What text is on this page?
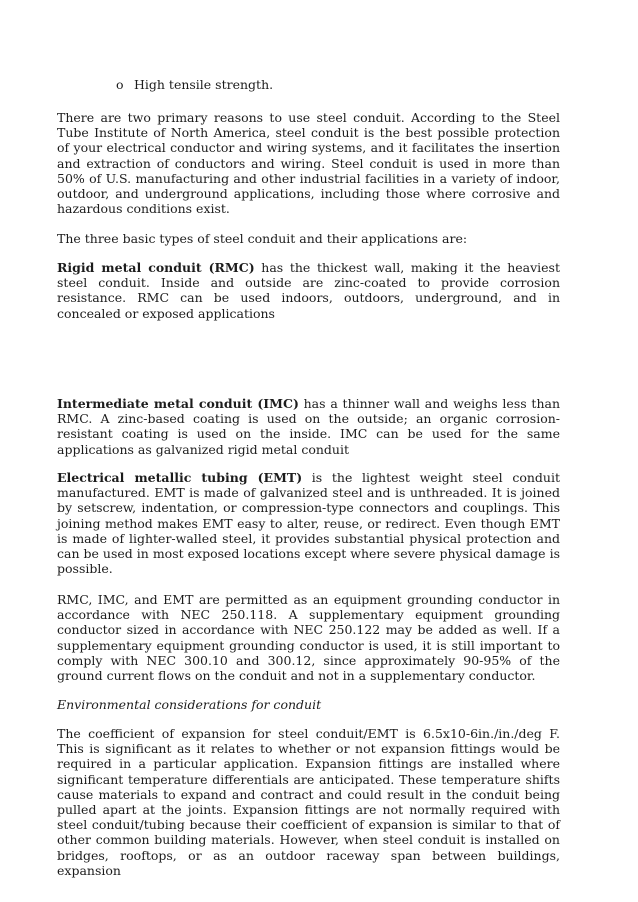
o High tensile strength.

There are two primary reasons to use steel conduit. According to the Steel Tube Institute of North America, steel conduit is the best possible protection of your electrical conductor and wiring systems, and it facilitates the insertion and extraction of conductors and wiring. Steel conduit is used in more than 50% of U.S. manufacturing and other industrial facilities in a variety of indoor, outdoor, and underground applications, including those where corrosive and hazardous conditions exist.

The three basic types of steel conduit and their applications are:

Rigid metal conduit (RMC) has the thickest wall, making it the heaviest steel conduit. Inside and outside are zinc-coated to provide corrosion resistance. RMC can be used indoors, outdoors, underground, and in concealed or exposed applications

Intermediate metal conduit (IMC) has a thinner wall and weighs less than RMC. A zinc-based coating is used on the outside; an organic corrosion-resistant coating is used on the inside. IMC can be used for the same applications as galvanized rigid metal conduit

Electrical metallic tubing (EMT) is the lightest weight steel conduit manufactured. EMT is made of galvanized steel and is unthreaded. It is joined by setscrew, indentation, or compression-type connectors and couplings. This joining method makes EMT easy to alter, reuse, or redirect. Even though EMT is made of lighter-walled steel, it provides substantial physical protection and can be used in most exposed locations except where severe physical damage is possible.

RMC, IMC, and EMT are permitted as an equipment grounding conductor in accordance with NEC 250.118. A supplementary equipment grounding conductor sized in accordance with NEC 250.122 may be added as well. If a supplementary equipment grounding conductor is used, it is still important to comply with NEC 300.10 and 300.12, since approximately 90-95% of the ground current flows on the conduit and not in a supplementary conductor.

Environmental considerations for conduit

The coefficient of expansion for steel conduit/EMT is 6.5x10-6in./in./deg F. This is significant as it relates to whether or not expansion fittings would be required in a particular application. Expansion fittings are installed where significant temperature differentials are anticipated. These temperature shifts cause materials to expand and contract and could result in the conduit being pulled apart at the joints. Expansion fittings are not normally required with steel conduit/tubing because their coefficient of expansion is similar to that of other common building materials. However, when steel conduit is installed on bridges, rooftops, or as an outdoor raceway span between buildings, expansion
